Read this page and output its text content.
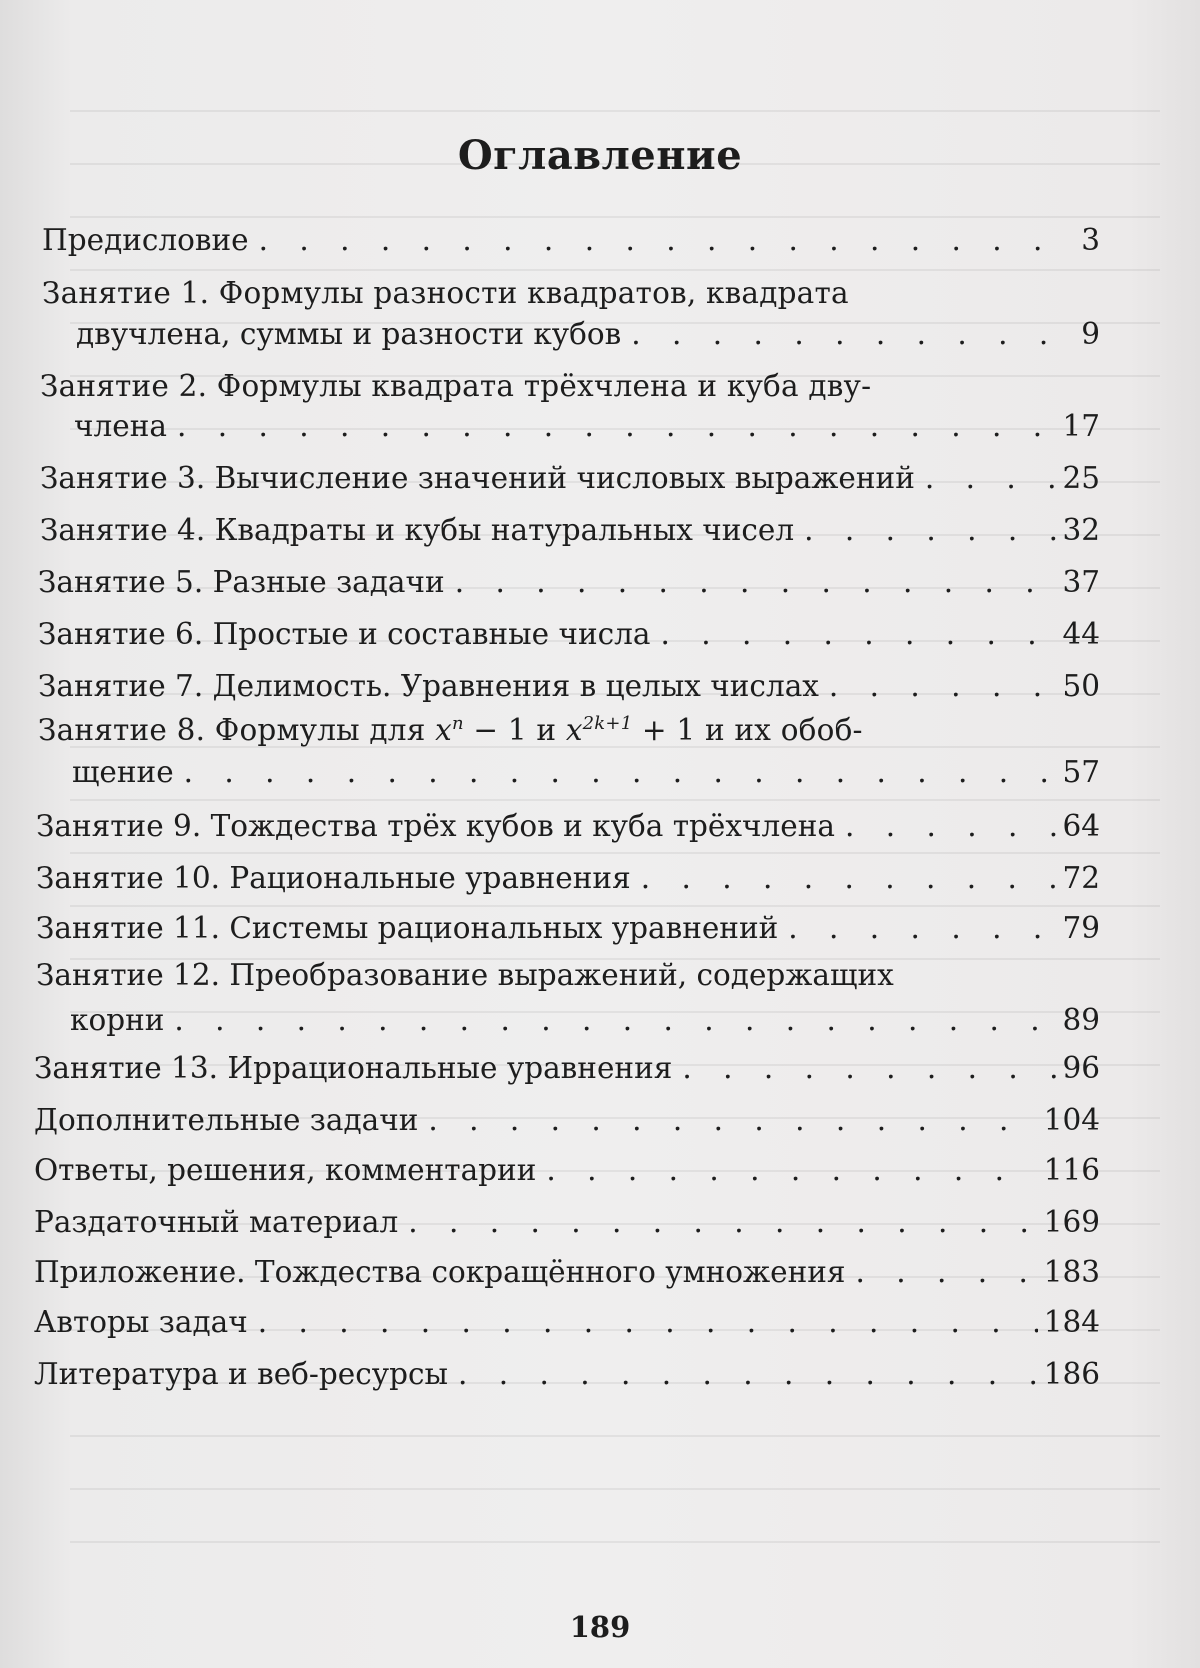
Оглавление
Предисловие . . .	3
Занятие 1. Формулы разности квадратов, квадрата
двучлена, суммы и разности кубов . . .	9
Занятие 2. Формулы квадрата трёхчлена и куба дву-
члена . . .	17
Занятие 3. Вычисление значений числовых выражений . . .	25
Занятие 4. Квадраты и кубы натуральных чисел . . .	32
Занятие 5. Разные задачи . . .	37
Занятие 6. Простые и составные числа . . .	44
Занятие 7. Делимость. Уравнения в целых числах . . .	50
Занятие 8. Формулы для $x^n - 1$ и $x^{2k+1} + 1$ и их обоб-
щение . . .	57
Занятие 9. Тождества трёх кубов и куба трёхчлена . . .	64
Занятие 10. Рациональные уравнения . . .	72
Занятие 11. Системы рациональных уравнений . . .	79
Занятие 12. Преобразование выражений, содержащих
корни . . .	89
Занятие 13. Иррациональные уравнения . . .	96
Дополнительные задачи . . .	104
Ответы, решения, комментарии . . .	116
Раздаточный материал . . .	169
Приложение. Тождества сокращённого умножения . . .	183
Авторы задач . . .	184
Литература и веб-ресурсы . . .	186
189
